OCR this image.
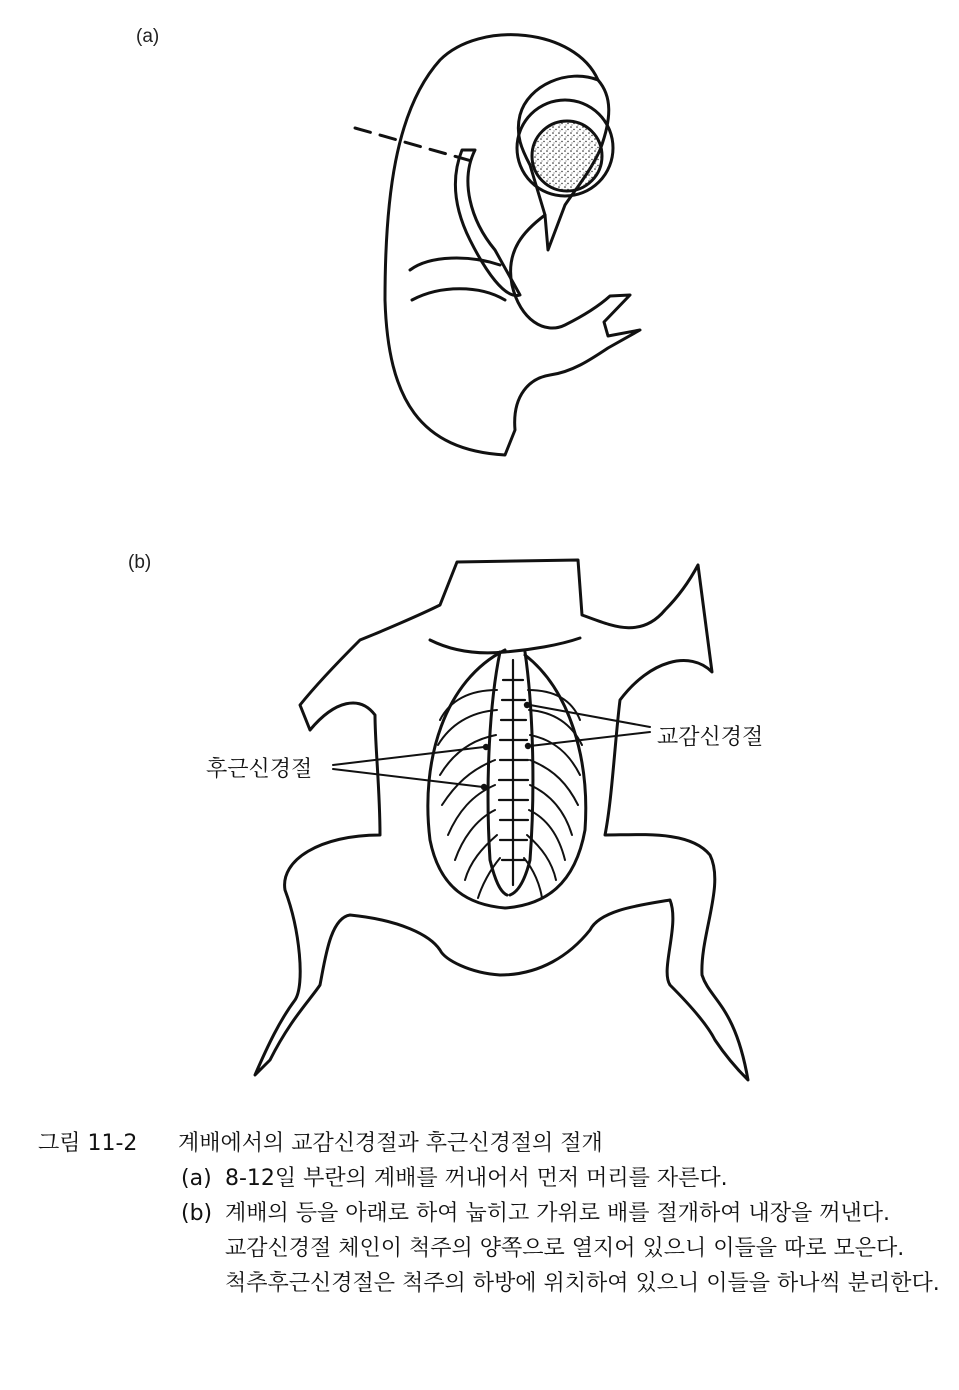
(a)
(b)
교감신경절
후근신경절
그림 11-2	계배에서의 교감신경절과 후근신경절의 절개
(a) 8-12일 부란의 계배를 꺼내어서 먼저 머리를 자른다.
(b) 계배의 등을 아래로 하여 눕히고 가위로 배를 절개하여 내장을 꺼낸다. 교감신경절 체인이 척주의 양쪽으로 열지어 있으니 이들을 따로 모은다. 척추후근신경절은 척주의 하방에 위치하여 있으니 이들을 하나씩 분리한다.
